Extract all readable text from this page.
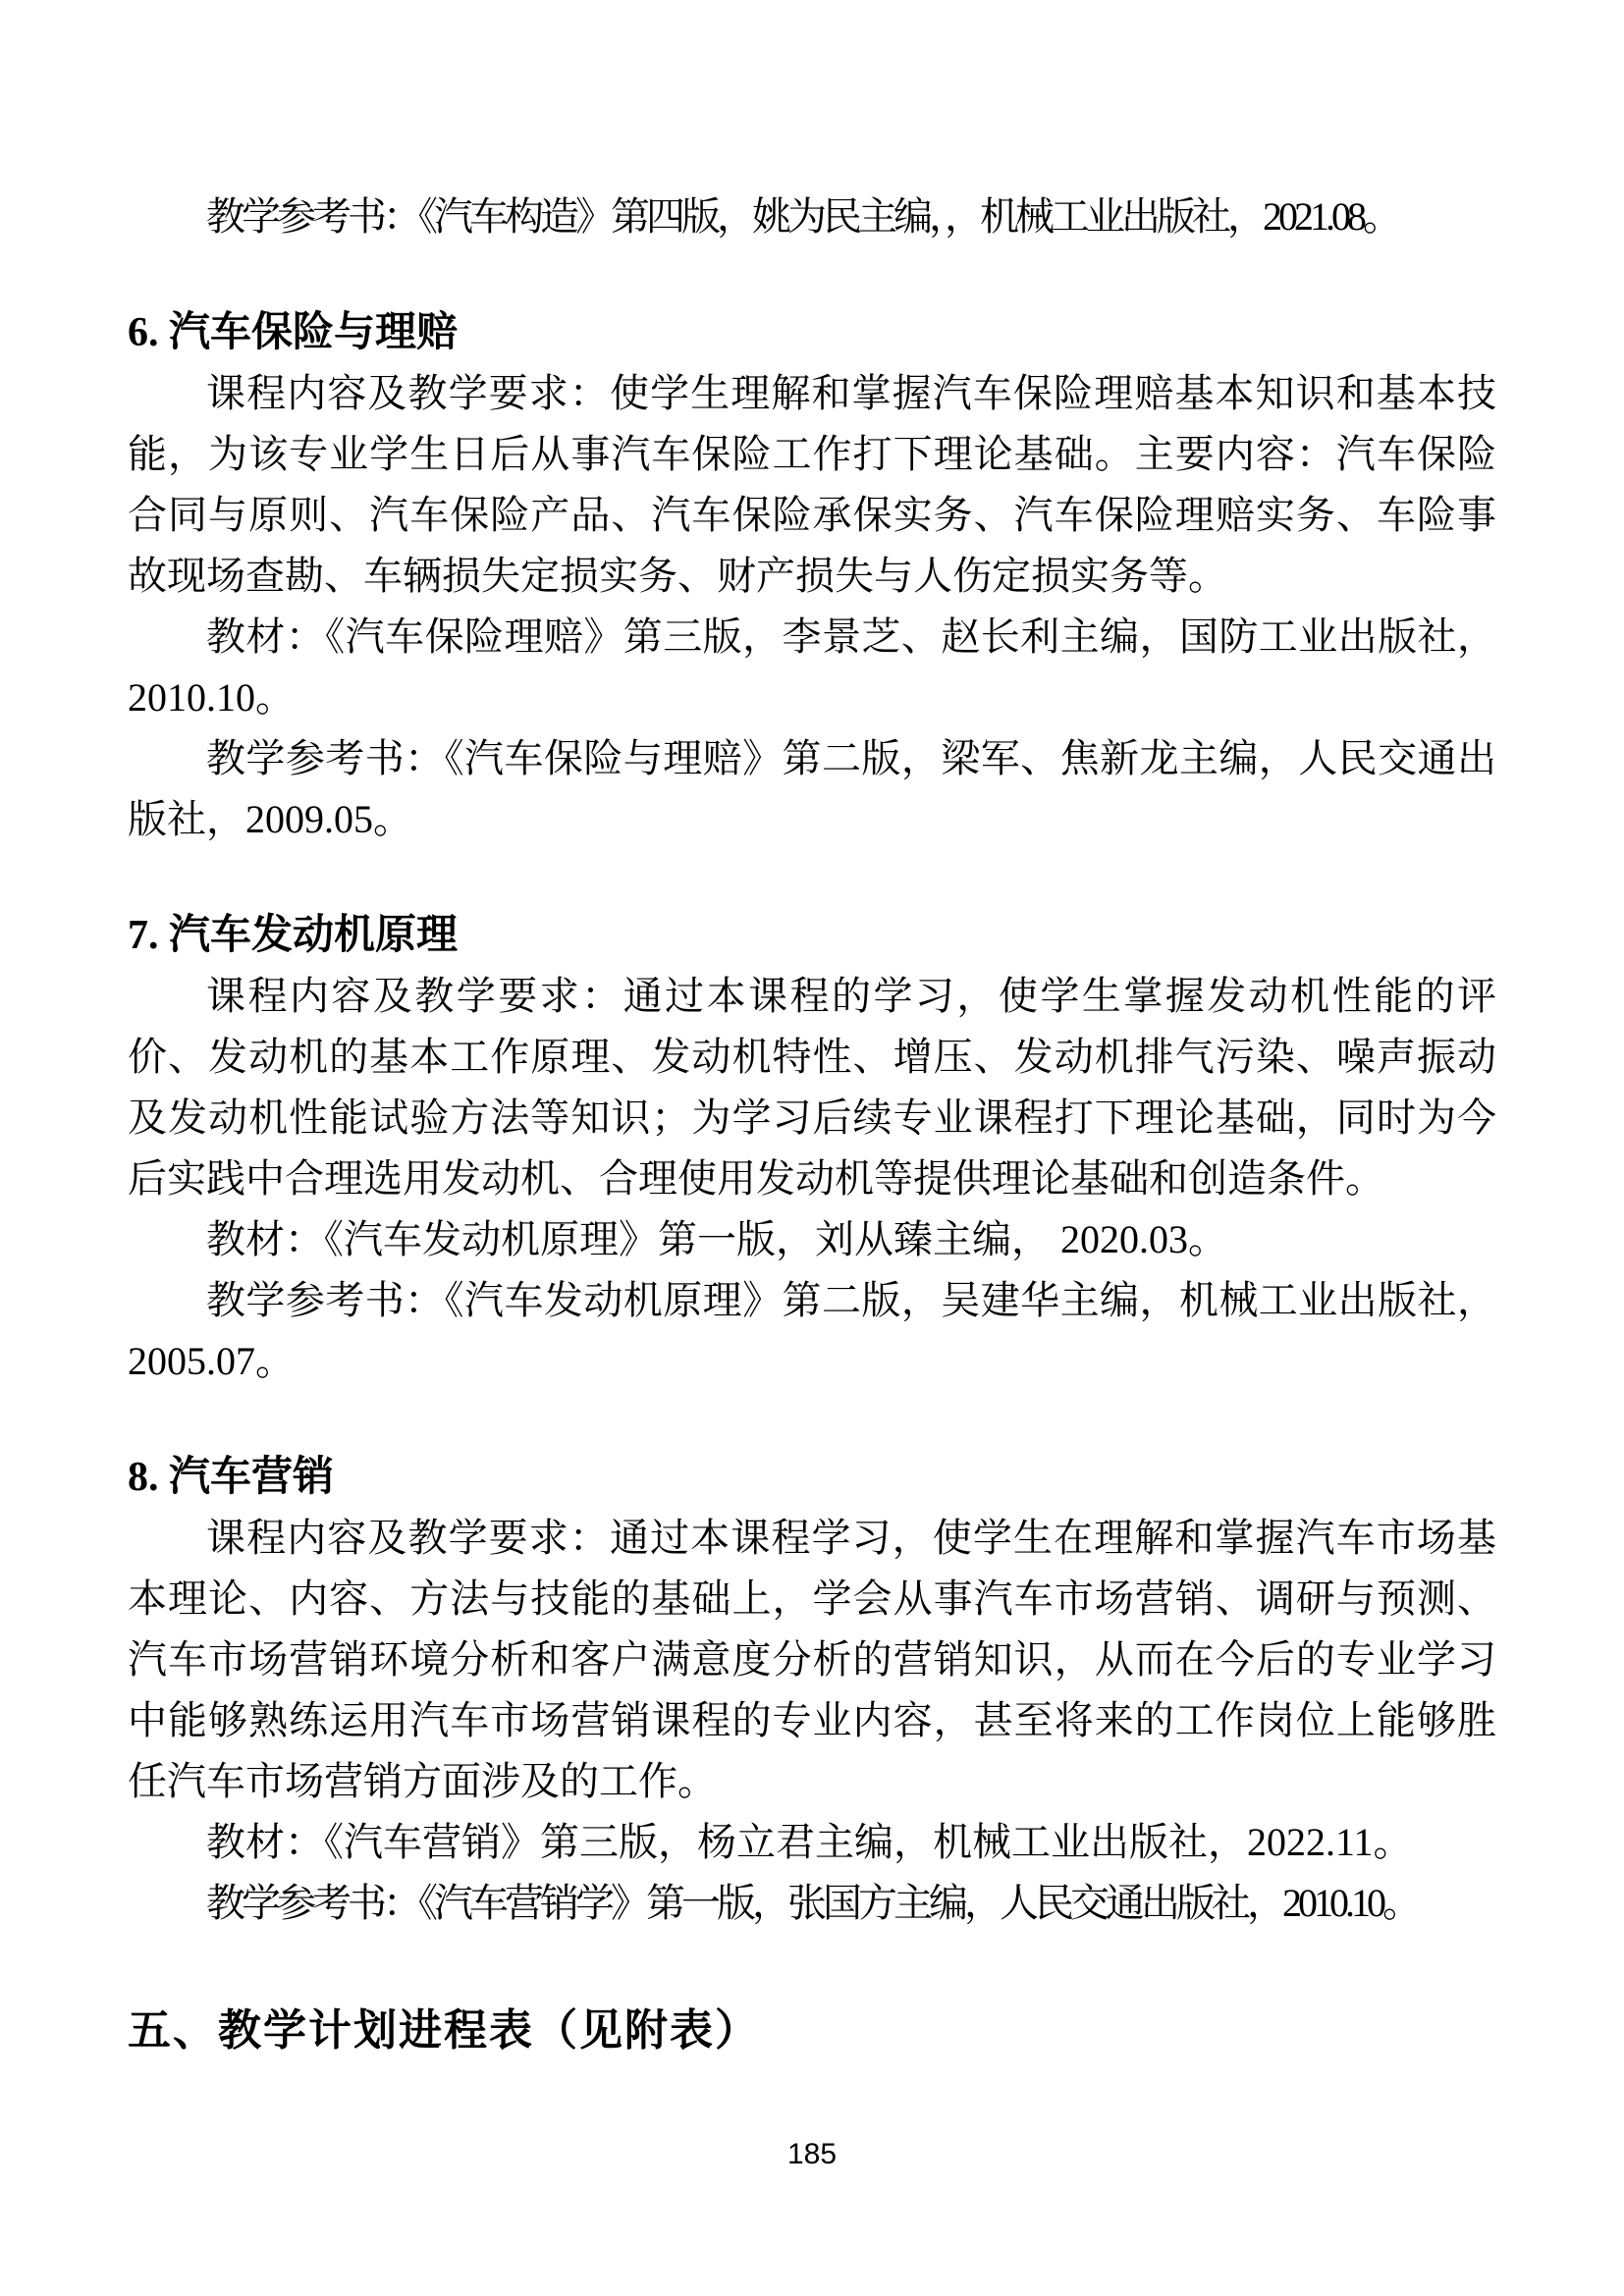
教学参考书：《汽车构造》第四版，姚为民主编，，机械工业出版社，2021.08。

6. 汽车保险与理赔

课程内容及教学要求：使学生理解和掌握汽车保险理赔基本知识和基本技能，为该专业学生日后从事汽车保险工作打下理论基础。主要内容：汽车保险合同与原则、汽车保险产品、汽车保险承保实务、汽车保险理赔实务、车险事故现场查勘、车辆损失定损实务、财产损失与人伤定损实务等。

教材：《汽车保险理赔》第三版，李景芝、赵长利主编，国防工业出版社，2010.10。

教学参考书：《汽车保险与理赔》第二版，梁军、焦新龙主编，人民交通出版社，2009.05。

7. 汽车发动机原理

课程内容及教学要求：通过本课程的学习，使学生掌握发动机性能的评价、发动机的基本工作原理、发动机特性、增压、发动机排气污染、噪声振动及发动机性能试验方法等知识；为学习后续专业课程打下理论基础，同时为今后实践中合理选用发动机、合理使用发动机等提供理论基础和创造条件。

教材：《汽车发动机原理》第一版，刘从臻主编， 2020.03。

教学参考书：《汽车发动机原理》第二版，吴建华主编，机械工业出版社，2005.07。

8. 汽车营销

课程内容及教学要求：通过本课程学习，使学生在理解和掌握汽车市场基本理论、内容、方法与技能的基础上，学会从事汽车市场营销、调研与预测、汽车市场营销环境分析和客户满意度分析的营销知识，从而在今后的专业学习中能够熟练运用汽车市场营销课程的专业内容，甚至将来的工作岗位上能够胜任汽车市场营销方面涉及的工作。

教材：《汽车营销》第三版，杨立君主编，机械工业出版社，2022.11。

教学参考书：《汽车营销学》第一版，张国方主编，人民交通出版社，2010.10。

五、教学计划进程表（见附表）
185
